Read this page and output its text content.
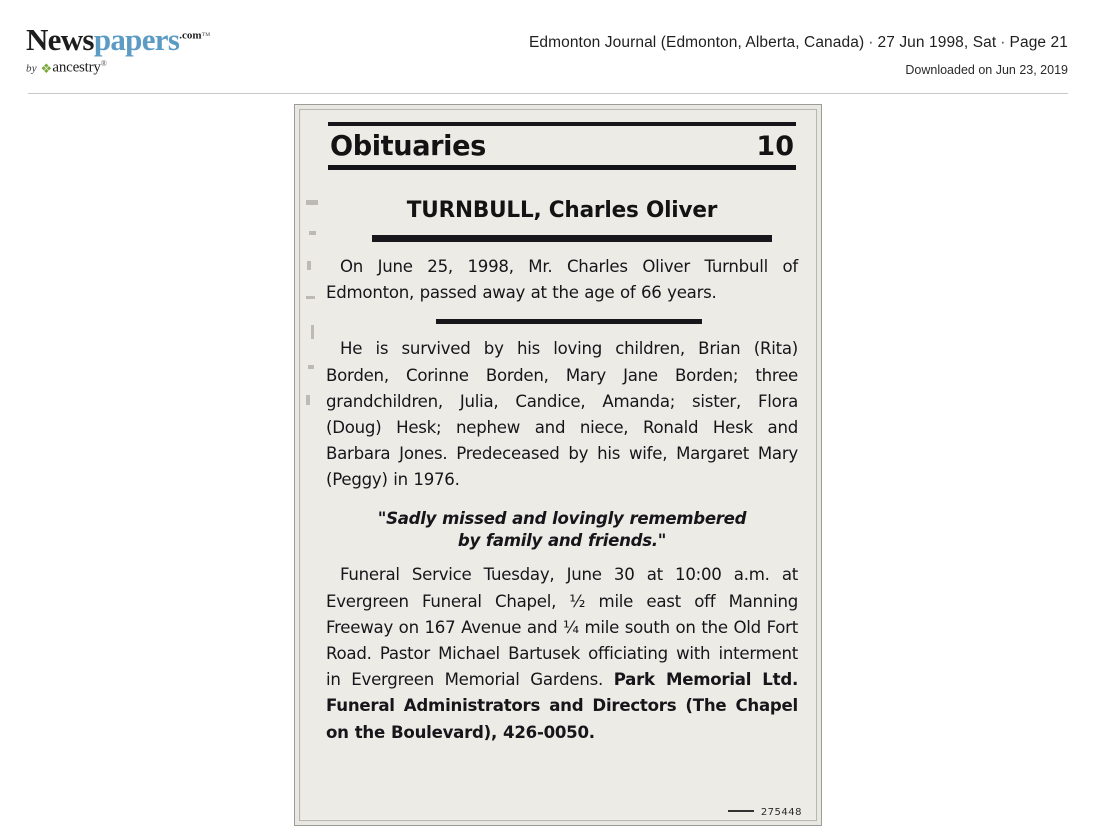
Newspapers$^{.com™}$
by ❖ancestry®
Edmonton Journal (Edmonton, Alberta, Canada) · 27 Jun 1998, Sat · Page 21
Downloaded on Jun 23, 2019
Obituaries	10
TURNBULL, Charles Oliver

On June 25, 1998, Mr. Charles Oliver Turnbull of Edmonton, passed away at the age of 66 years.

He is survived by his loving children, Brian (Rita) Borden, Corinne Borden, Mary Jane Borden; three grandchildren, Julia, Candice, Amanda; sister, Flora (Doug) Hesk; nephew and niece, Ronald Hesk and Barbara Jones. Predeceased by his wife, Margaret Mary (Peggy) in 1976.

"Sadly missed and lovingly remembered
by family and friends."

Funeral Service Tuesday, June 30 at 10:00 a.m. at Evergreen Funeral Chapel, ½ mile east off Manning Freeway on 167 Avenue and ¼ mile south on the Old Fort Road. Pastor Michael Bartusek officiating with interment in Evergreen Memorial Gardens. Park Memorial Ltd. Funeral Administrators and Directors (The Chapel on the Boulevard), 426-0050.

275448
